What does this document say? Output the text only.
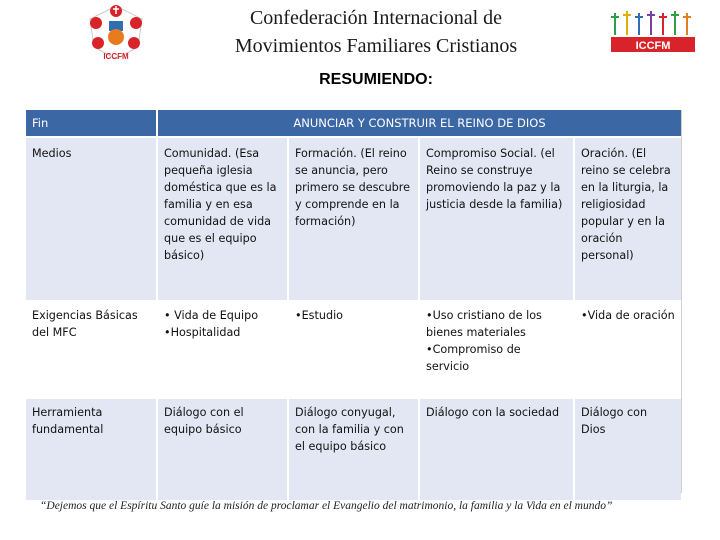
ICCFM
Confederación Internacional de
Movimientos Familiares Cristianos	ICCFM
RESUMIENDO:
Fin	ANUNCIAR Y CONSTRUIR EL REINO DE DIOS			
Medios	Comunidad. (Esa pequeña iglesia doméstica que es la familia y en esa comunidad de vida que es el equipo básico)	Formación. (El reino se anuncia, pero primero se descubre y comprende en la formación)	Compromiso Social. (el Reino se construye promoviendo la paz y la justicia desde la familia)	Oración. (El reino se celebra en la liturgia, la religiosidad popular y en la oración personal)
Exigencias Básicas del MFC	• Vida de Equipo •Hospitalidad	•Estudio	•Uso cristiano de los bienes materiales •Compromiso de servicio	•Vida de oración
Herramienta fundamental	Diálogo con el equipo básico	Diálogo conyugal, con la familia y con el equipo básico	Diálogo con la sociedad	Diálogo con Dios
“Dejemos que el Espíritu Santo guíe la misión de proclamar el Evangelio del matrimonio, la familia y la Vida en el mundo”
